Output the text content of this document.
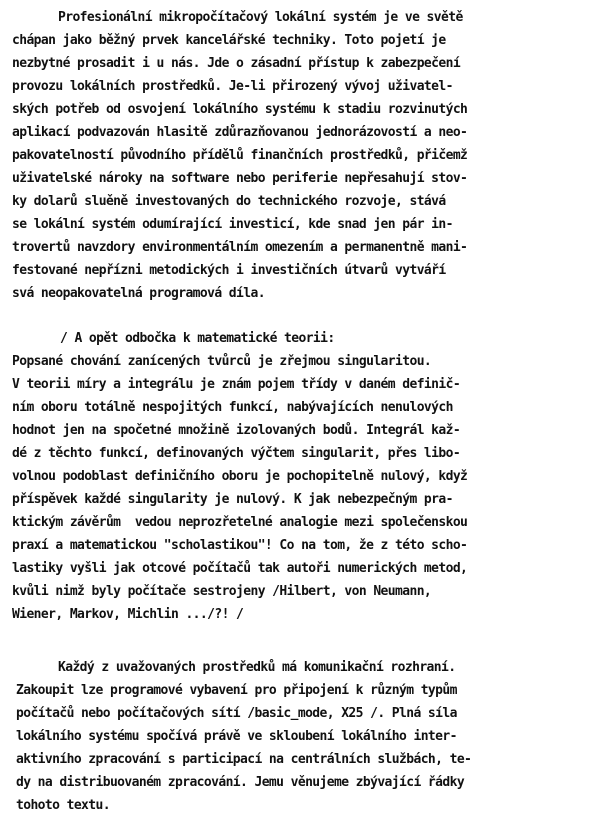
Profesionální mikropočítačový lokální systém je ve světě
chápan jako běžný prvek kancelářské techniky. Toto pojetí je
nezbytné prosadit i u nás. Jde o zásadní přístup k zabezpečení
provozu lokálních prostředků. Je-li přirozený vývoj uživatel-
ských potřeb od osvojení lokálního systému k stadiu rozvinutých
aplikací podvazován hlasitě zdůrazňovanou jednorázovostí a neo-
pakovatelností původního přídělů finančních prostředků, přičemž
uživatelské nároky na software nebo periferie nepřesahují stov-
ky dolarů sluěně investovaných do technického rozvoje, stává
se lokální systém odumírající investicí, kde snad jen pár in-
trovertů navzdory environmentálním omezením a permanentně mani-
festované nepřízni metodických i investičních útvarů vytváří
svá neopakovatelná programová díla.
/ A opět odbočka k matematické teorii:
Popsané chování zanícených tvůrců je zřejmou singularitou.
V teorii míry a integrálu je znám pojem třídy v daném definič-
ním oboru totálně nespojitých funkcí, nabývajících nenulových
hodnot jen na spočetné množině izolovaných bodů. Integrál kaž-
dé z těchto funkcí, definovaných výčtem singularit, přes libo-
volnou podoblast definičního oboru je pochopitelně nulový, když
příspěvek každé singularity je nulový. K jak nebezpečným pra-
ktickým závěrům  vedou neprozřetelné analogie mezi společenskou
praxí a matematickou "scholastikou"! Co na tom, že z této scho-
lastiky vyšli jak otcové počítačů tak autoři numerických metod,
kvůli nimž byly počítače sestrojeny /Hilbert, von Neumann,
Wiener, Markov, Michlin .../?! /
Každý z uvažovaných prostředků má komunikační rozhraní.
Zakoupit lze programové vybavení pro připojení k různým typům
počítačů nebo počítačových sítí /basic_mode, X25 /. Plná síla
lokálního systému spočívá právě ve skloubení lokálního inter-
aktivního zpracování s participací na centrálních službách, te-
dy na distribuovaném zpracování. Jemu věnujeme zbývající řádky
tohoto textu.
